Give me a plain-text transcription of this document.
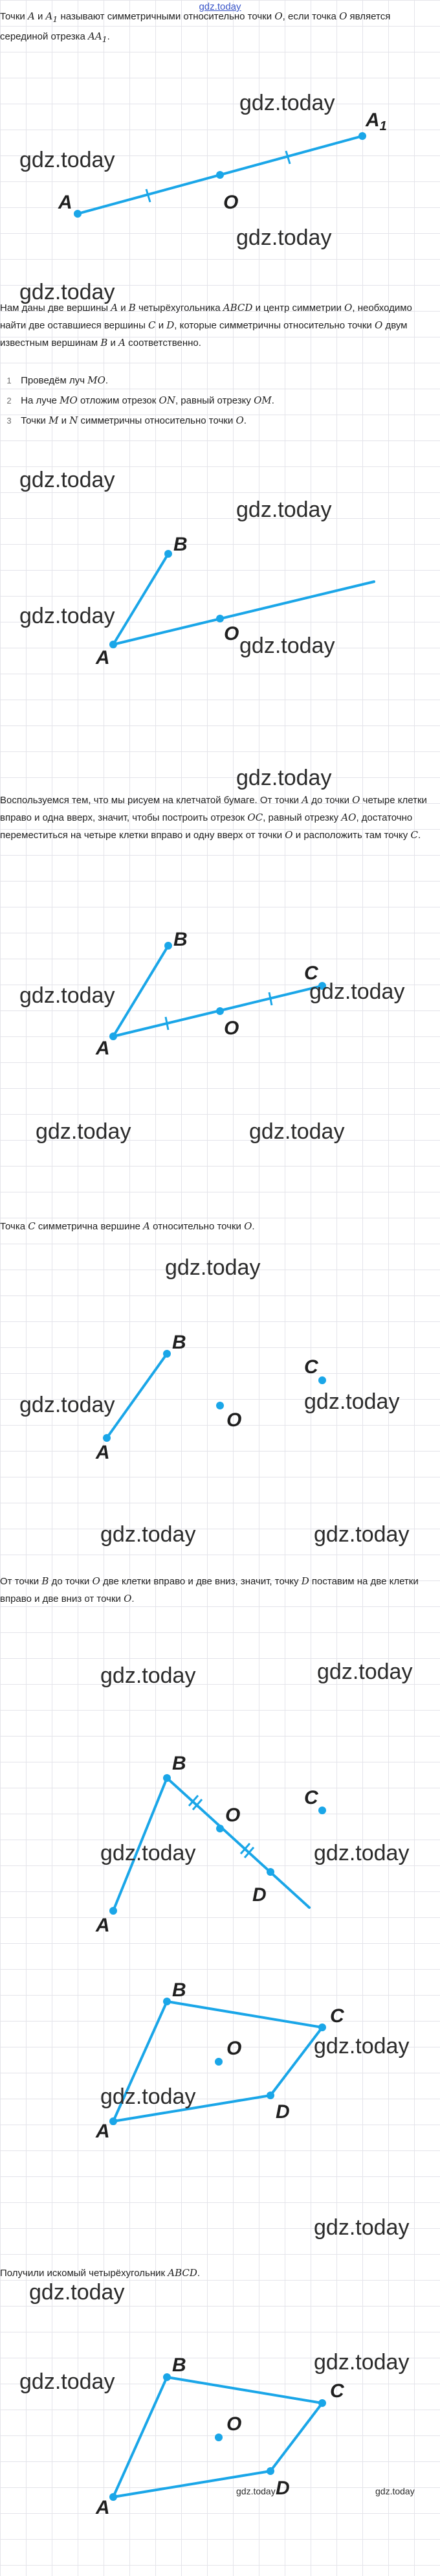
gdz.today

Точки A и $A_1$ называют симметричными относительно точки O, если точка O является серединой отрезка $AA_1$.

A	O
$A_1$
gdz.today
gdz.today
gdz.today
gdz.today

Нам даны две вершины A и B четырёхугольника ABCD и центр симметрии O, необходимо найти две оставшиеся вершины C и D, которые симметричны относительно точки O двум известным вершинам B и A соответственно.

1 Проведём луч MO.
2 На луче MO отложим отрезок ON, равный отрезку OM.
3 Точки M и N симметричны относительно точки O.
A
B
O
gdz.today
gdz.today
gdz.today
gdz.today
gdz.today

Воспользуемся тем, что мы рисуем на клетчатой бумаге. От точки A до точки O четыре клетки вправо и одна вверх, значит, чтобы построить отрезок OC, равный отрезку AO, достаточно переместиться на четыре клетки вправо и одну вверх от точки O и расположить там точку C.

A
B
O
C
gdz.today	gdz.today
gdz.today	gdz.today

Точка C симметрична вершине A относительно точки O.

gdz.today
A
B
O
C
gdz.today	gdz.today
gdz.today	gdz.today

От точки B до точки O две клетки вправо и две вниз, значит, точку D поставим на две клетки вправо и две вниз от точки O.

A
B
O
D
C
gdz.today	gdz.today
gdz.today	gdz.today
A
B
C
D
O	gdz.today
gdz.today
gdz.today

Получили искомый четырёхугольник ABCD.

gdz.today
A
B
C
D
O
gdz.today
gdz.today
gdz.today	gdz.today
